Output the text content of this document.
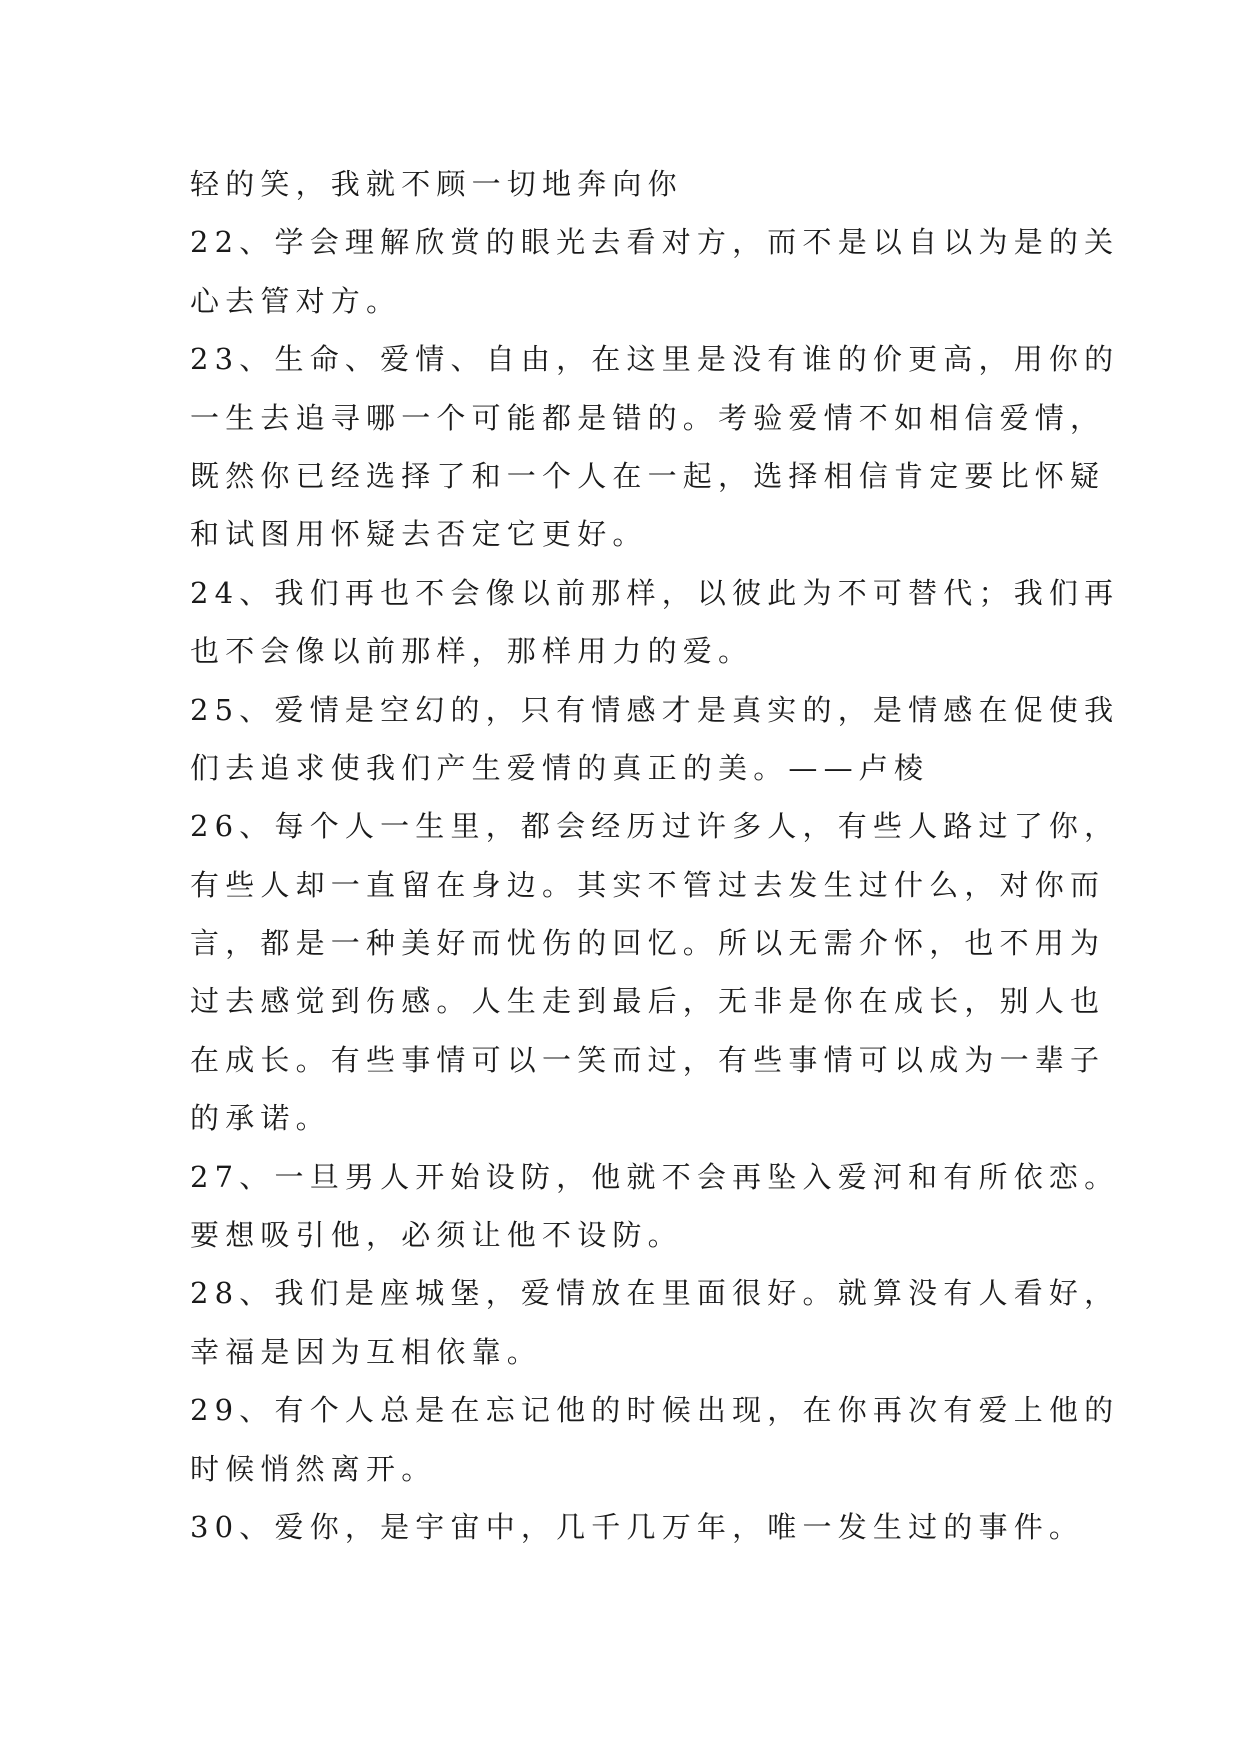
轻的笑，我就不顾一切地奔向你
22、学会理解欣赏的眼光去看对方，而不是以自以为是的关
心去管对方。
23、生命、爱情、自由，在这里是没有谁的价更高，用你的
一生去追寻哪一个可能都是错的。考验爱情不如相信爱情，
既然你已经选择了和一个人在一起，选择相信肯定要比怀疑
和试图用怀疑去否定它更好。
24、我们再也不会像以前那样，以彼此为不可替代；我们再
也不会像以前那样，那样用力的爱。
25、爱情是空幻的，只有情感才是真实的，是情感在促使我
们去追求使我们产生爱情的真正的美。——卢棱
26、每个人一生里，都会经历过许多人，有些人路过了你，
有些人却一直留在身边。其实不管过去发生过什么，对你而
言，都是一种美好而忧伤的回忆。所以无需介怀，也不用为
过去感觉到伤感。人生走到最后，无非是你在成长，别人也
在成长。有些事情可以一笑而过，有些事情可以成为一辈子
的承诺。
27、一旦男人开始设防，他就不会再坠入爱河和有所依恋。
要想吸引他，必须让他不设防。
28、我们是座城堡，爱情放在里面很好。就算没有人看好，
幸福是因为互相依靠。
29、有个人总是在忘记他的时候出现，在你再次有爱上他的
时候悄然离开。
30、爱你，是宇宙中，几千几万年，唯一发生过的事件。
